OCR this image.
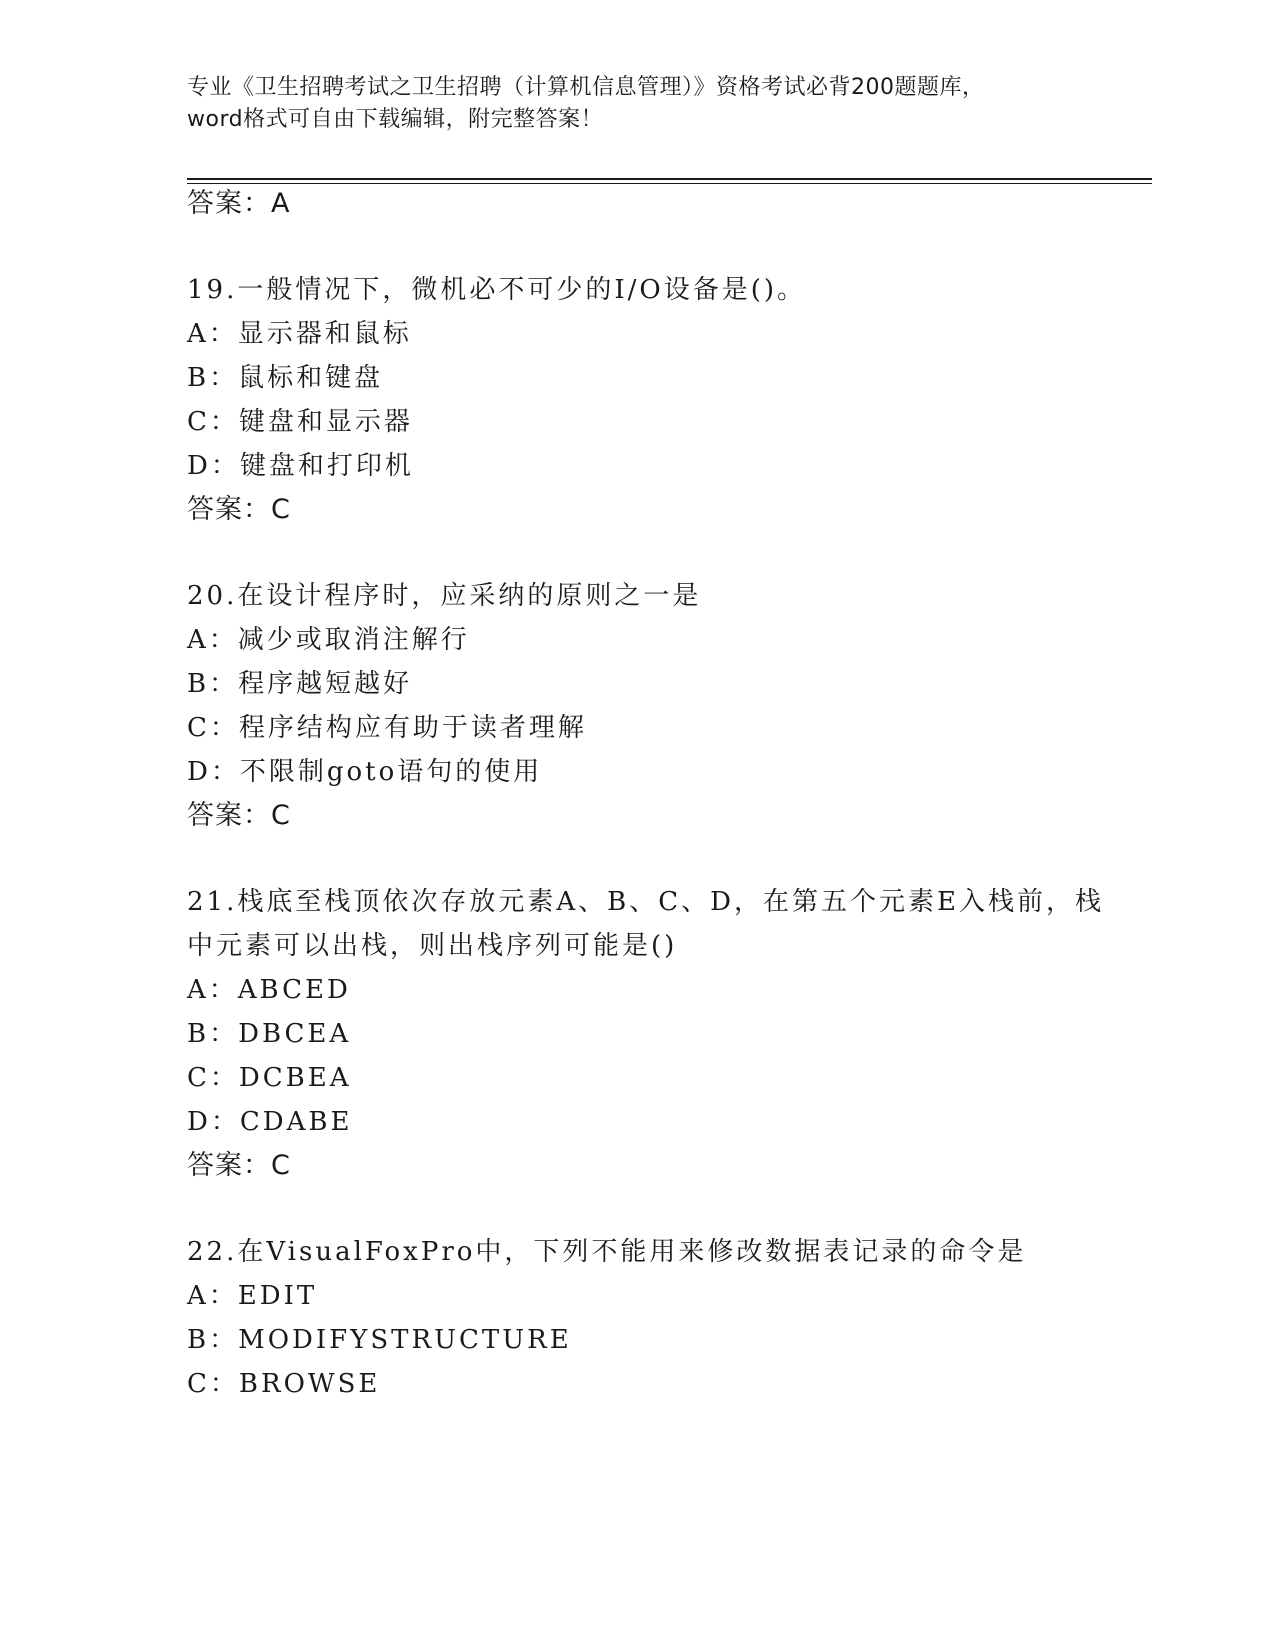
专业《卫生招聘考试之卫生招聘（计算机信息管理）》资格考试必背200题题库，
word格式可自由下载编辑，附完整答案！
答案：A
19.一般情况下，微机必不可少的I/O设备是()。
A：显示器和鼠标
B：鼠标和键盘
C：键盘和显示器
D：键盘和打印机
答案：C
20.在设计程序时，应采纳的原则之一是
A：减少或取消注解行
B：程序越短越好
C：程序结构应有助于读者理解
D：不限制goto语句的使用
答案：C
21.栈底至栈顶依次存放元素A、B、C、D，在第五个元素E入栈前，栈
中元素可以出栈，则出栈序列可能是()
A：ABCED
B：DBCEA
C：DCBEA
D：CDABE
答案：C
22.在VisualFoxPro中，下列不能用来修改数据表记录的命令是
A：EDIT
B：MODIFYSTRUCTURE
C：BROWSE
